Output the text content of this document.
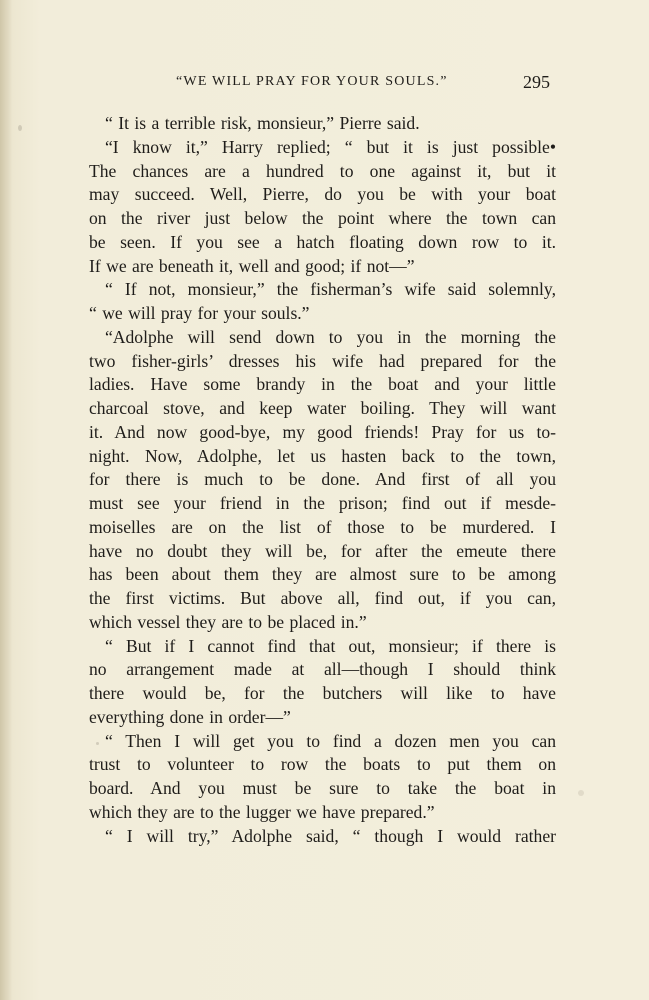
“WE WILL PRAY FOR YOUR SOULS.”	295
“ It is a terrible risk, monsieur,” Pierre said.
“I know it,” Harry replied; “ but it is just possible•
The chances are a hundred to one against it, but it
may succeed. Well, Pierre, do you be with your boat
on the river just below the point where the town can
be seen. If you see a hatch floating down row to it.
If we are beneath it, well and good; if not—”
“ If not, monsieur,” the fisherman’s wife said solemnly,
“ we will pray for your souls.”
“Adolphe will send down to you in the morning the
two fisher-girls’ dresses his wife had prepared for the
ladies. Have some brandy in the boat and your little
charcoal stove, and keep water boiling. They will want
it. And now good-bye, my good friends! Pray for us to-
night. Now, Adolphe, let us hasten back to the town,
for there is much to be done. And first of all you
must see your friend in the prison; find out if mesde-
moiselles are on the list of those to be murdered. I
have no doubt they will be, for after the emeute there
has been about them they are almost sure to be among
the first victims. But above all, find out, if you can,
which vessel they are to be placed in.”
“ But if I cannot find that out, monsieur; if there is
no arrangement made at all—though I should think
there would be, for the butchers will like to have
everything done in order—”
“ Then I will get you to find a dozen men you can
trust to volunteer to row the boats to put them on
board. And you must be sure to take the boat in
which they are to the lugger we have prepared.”
“ I will try,” Adolphe said, “ though I would rather
